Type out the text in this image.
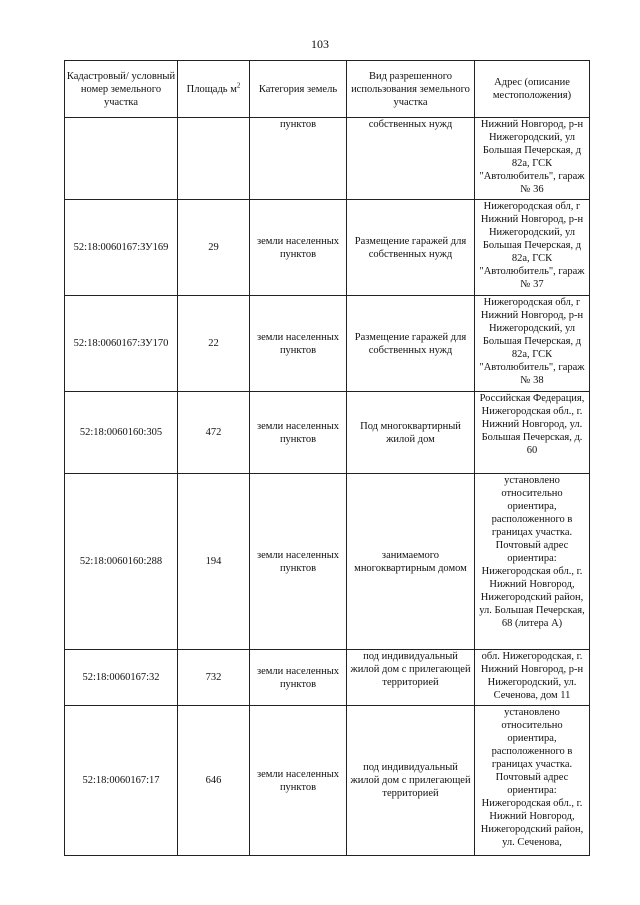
103
Кадастровый/ условный номер земельного участка	Площадь $м^2$	Категория земель	Вид разрешенного использования земельного участка	Адрес (описание местоположения)
		пунктов	собственных нужд	Нижний Новгород, р-н Нижегородский, ул Большая Печерская, д 82а, ГСК "Автолюбитель", гараж № 36
52:18:0060167:ЗУ169	29	земли населенных пунктов	Размещение гаражей для собственных нужд	Нижегородская обл, г Нижний Новгород, р-н Нижегородский, ул Большая Печерская, д 82а, ГСК "Автолюбитель", гараж № 37
52:18:0060167:ЗУ170	22	земли населенных пунктов	Размещение гаражей для собственных нужд	Нижегородская обл, г Нижний Новгород, р-н Нижегородский, ул Большая Печерская, д 82а, ГСК "Автолюбитель", гараж № 38
52:18:0060160:305	472	земли населенных пунктов	Под многоквартирный жилой дом	Российская Федерация, Нижегородская обл., г. Нижний Новгород, ул. Большая Печерская, д. 60
52:18:0060160:288	194	земли населенных пунктов	занимаемого многоквартирным домом	установлено относительно ориентира, расположенного в границах участка. Почтовый адрес ориентира: Нижегородская обл., г. Нижний Новгород, Нижегородский район, ул. Большая Печерская, 68 (литера А)
52:18:0060167:32	732	земли населенных пунктов	под индивидуальный жилой дом с прилегающей территорией	обл. Нижегородская, г. Нижний Новгород, р-н Нижегородский, ул. Сеченова, дом 11
52:18:0060167:17	646	земли населенных пунктов	под индивидуальный жилой дом с прилегающей территорией	установлено относительно ориентира, расположенного в границах участка. Почтовый адрес ориентира: Нижегородская обл., г. Нижний Новгород, Нижегородский район, ул. Сеченова,
